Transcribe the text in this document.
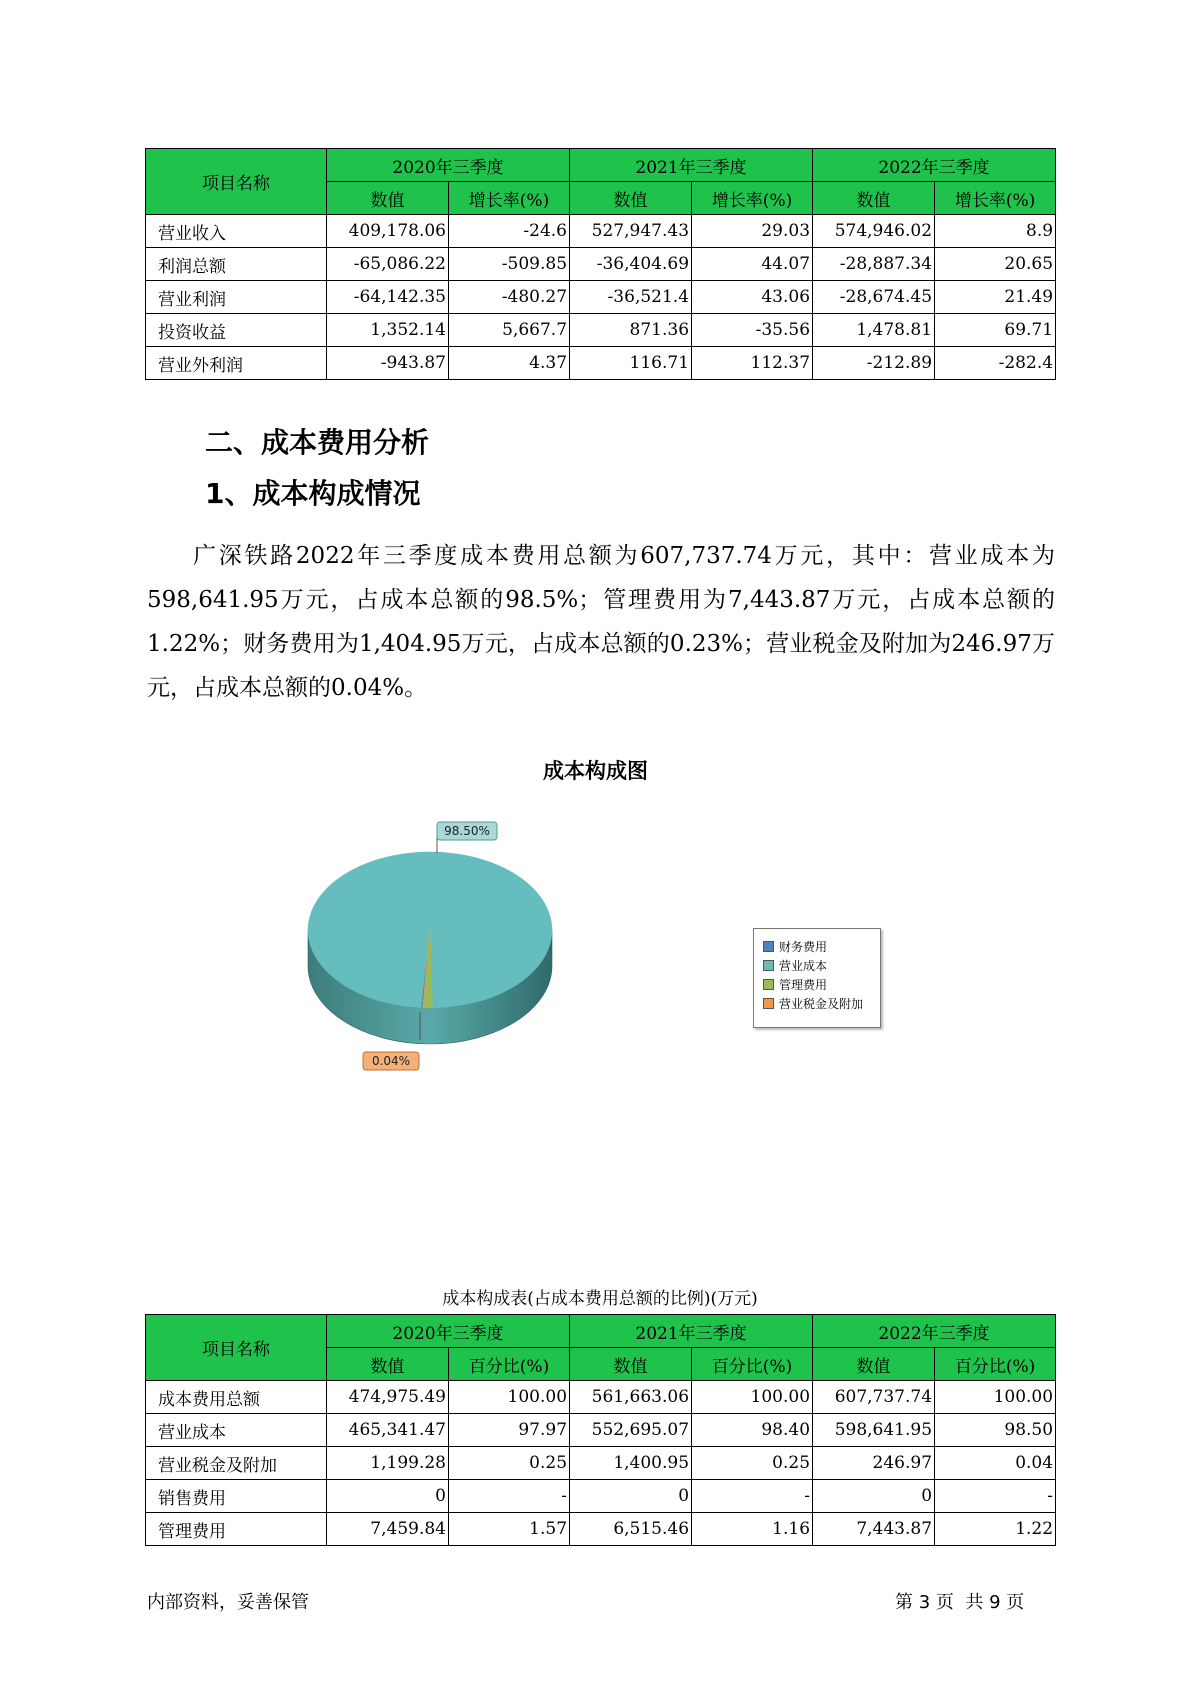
项目名称	2020年三季度		2021年三季度		2022年三季度	
	数值	增长率(%)	数值	增长率(%)	数值	增长率(%)
营业收入	409,178.06	-24.6	527,947.43	29.03	574,946.02	8.9
利润总额	-65,086.22	-509.85	-36,404.69	44.07	-28,887.34	20.65
营业利润	-64,142.35	-480.27	-36,521.4	43.06	-28,674.45	21.49
投资收益	1,352.14	5,667.7	871.36	-35.56	1,478.81	69.71
营业外利润	-943.87	4.37	116.71	112.37	-212.89	-282.4
二、成本费用分析
1、成本构成情况
广深铁路2022年三季度成本费用总额为607,737.74万元，其中：营业成本为598,641.95万元，占成本总额的98.5%；管理费用为7,443.87万元，占成本总额的1.22%；财务费用为1,404.95万元，占成本总额的0.23%；营业税金及附加为246.97万元，占成本总额的0.04%。
成本构成图
98.50%
0.04%
财务费用
营业成本
管理费用
营业税金及附加
成本构成表(占成本费用总额的比例)(万元)
项目名称	2020年三季度		2021年三季度		2022年三季度	
	数值	百分比(%)	数值	百分比(%)	数值	百分比(%)
成本费用总额	474,975.49	100.00	561,663.06	100.00	607,737.74	100.00
营业成本	465,341.47	97.97	552,695.07	98.40	598,641.95	98.50
营业税金及附加	1,199.28	0.25	1,400.95	0.25	246.97	0.04
销售费用	0	-	0	-	0	-
管理费用	7,459.84	1.57	6,515.46	1.16	7,443.87	1.22
内部资料，妥善保管	第 3 页  共 9 页
